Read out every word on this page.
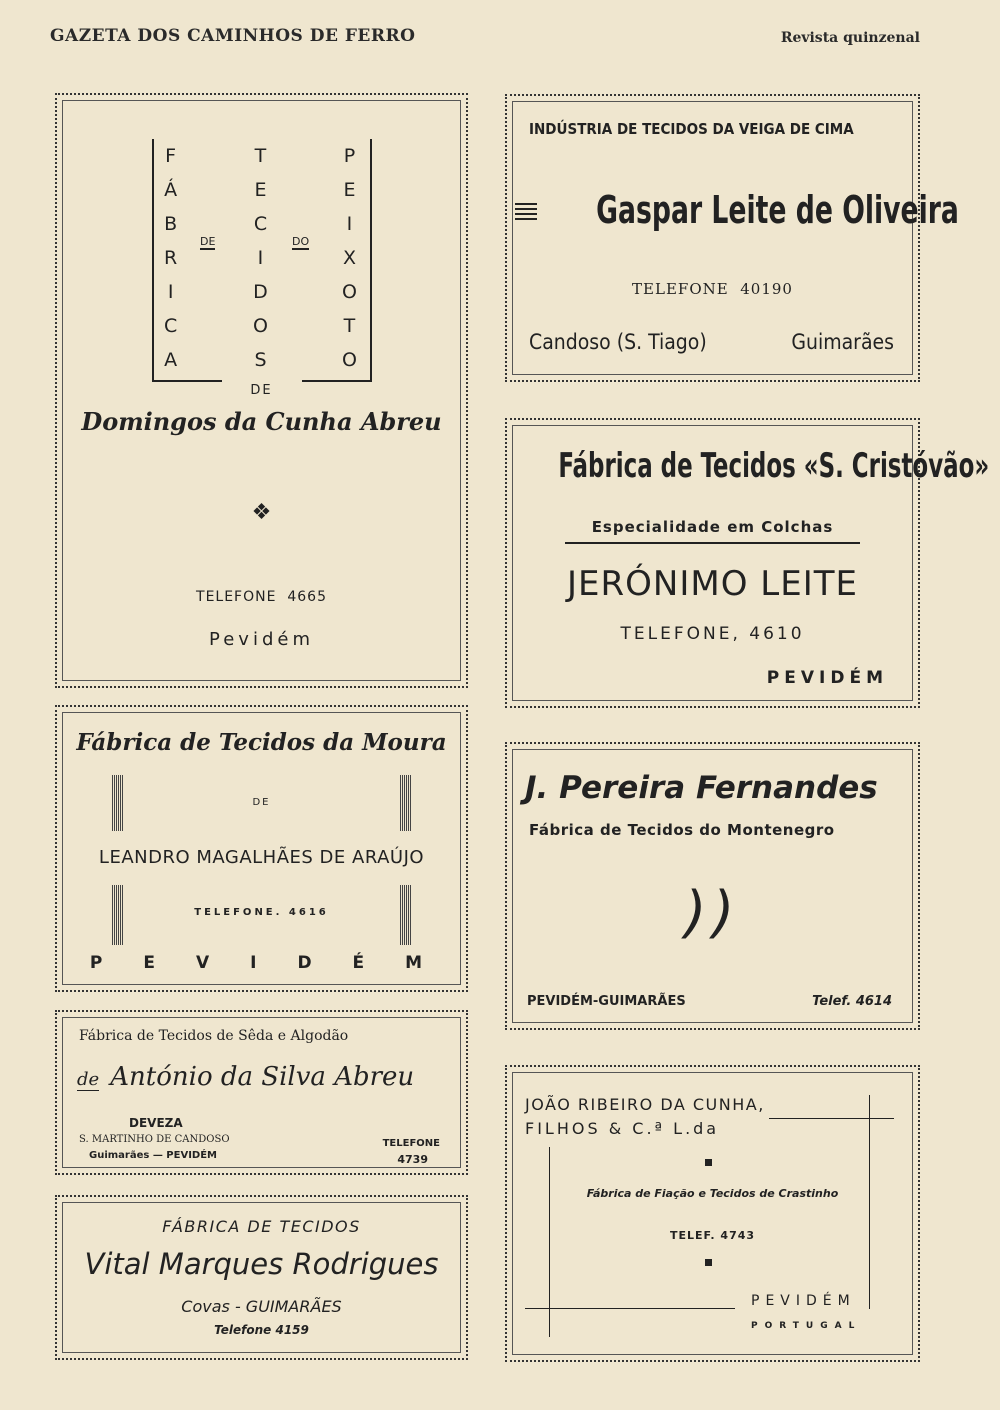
GAZETA DOS CAMINHOS DE FERRO	Revista quinzenal
F
Á
B
R
I
C
A
T
E
C
I
D
O
S
P
E
I
X
O
T
O
DE	DO
DE
Domingos da Cunha Abreu
❖
TELEFONE  4665
Pevidém
INDÚSTRIA DE TECIDOS DA VEIGA DE CIMA
Gaspar Leite de Oliveira
TELEFONE  40190
Candoso (S. Tiago)	Guimarães
Fábrica de Tecidos «S. Cristóvão»
Especialidade em Colchas
JERÓNIMO LEITE
TELEFONE, 4610
PEVIDÉM
Fábrica de Tecidos da Moura
DE
LEANDRO MAGALHÃES DE ARAÚJO
TELEFONE. 4616
PEVIDÉM
J. Pereira Fernandes
Fábrica de Tecidos do Montenegro
))
PEVIDÉM-GUIMARÃES	Telef. 4614
Fábrica de Tecidos de Sêda e Algodão
de António da Silva Abreu
DEVEZA
S. MARTINHO DE CANDOSO
Guimarães — PEVIDÉM
TELEFONE
4739
FÁBRICA DE TECIDOS
Vital Marques Rodrigues
Covas - GUIMARÃES
Telefone 4159
JOÃO RIBEIRO DA CUNHA,
FILHOS & C.ª L.da
Fábrica de Fiação e Tecidos de Crastinho
TELEF. 4743
PEVIDÉM
PORTUGAL
